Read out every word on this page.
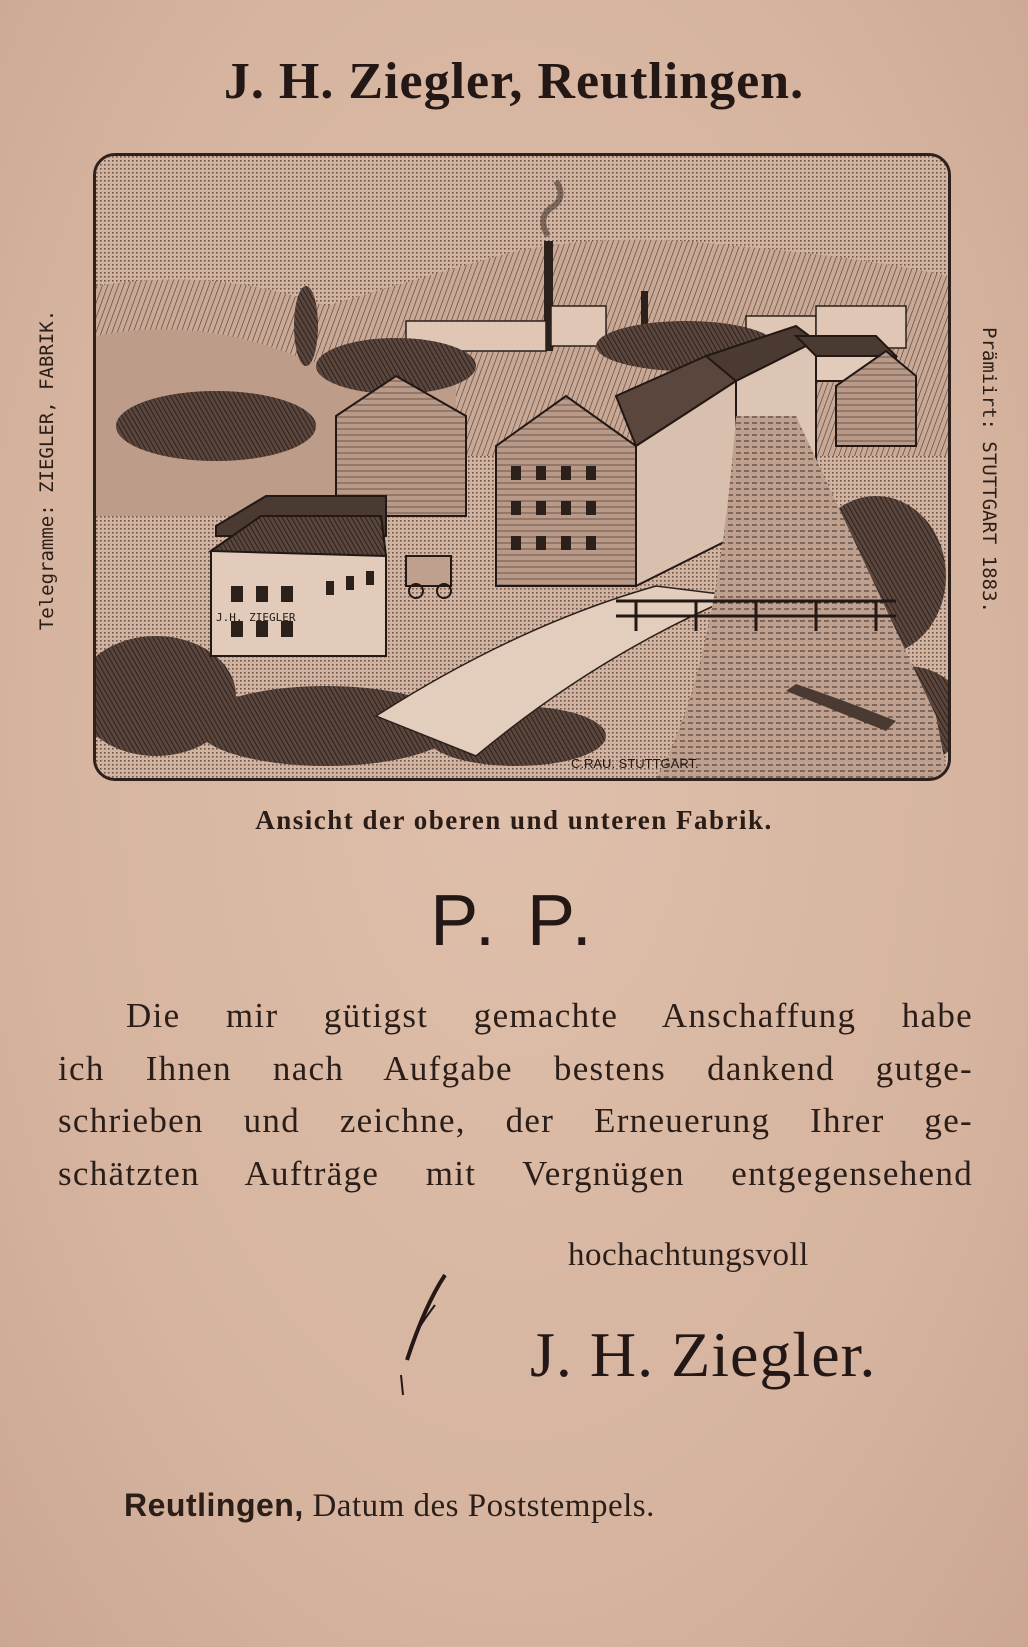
J. H. Ziegler, Reutlingen.
Telegramme: ZIEGLER, FABRIK.	Prämiirt: STUTTGART 1883.
J.H. ZIEGLER
C.RAU. STUTTGART.
Ansicht der oberen und unteren Fabrik.
P. P.
Die mir gütigst gemachte Anschaffung habe
ich Ihnen nach Aufgabe bestens dankend gutge-
schrieben und zeichne, der Erneuerung Ihrer ge-
schätzten Aufträge mit Vergnügen entgegensehend
hochachtungsvoll
J. H. Ziegler.
Reutlingen, Datum des Poststempels.
